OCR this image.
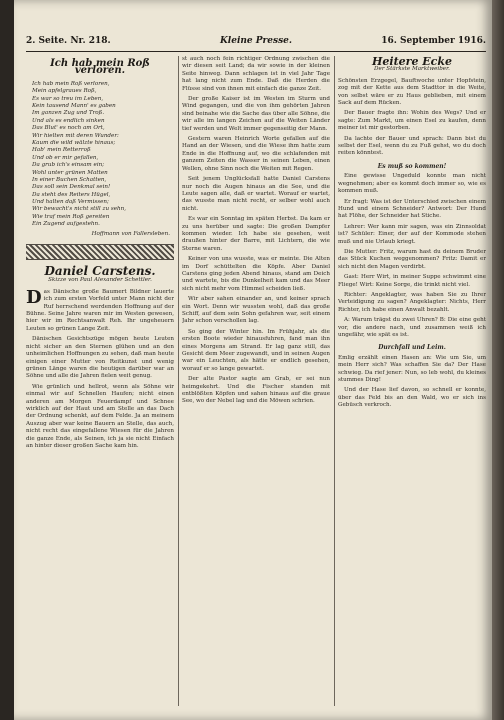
2. Seite. Nr. 218.	Kleine Presse.	16. September 1916.
Ich hab mein Roß verloren.
Ich hab mein Roß verloren,
Mein apfelgraues Roß,
Es war so treu im Leben,
Kein tausend Mann' es gaben
Im ganzen Zug und Troß.
Und als es endlich sinken
Das Blut' es noch am Ort,
Wir hielten mit deren Wunder:
Kaum die wild wälzte hinaus;
Hab' mein Retterroß
Und ob er mir gefallen,
Da grub ich's einsam ein;
Wohl unter grünen Matten
In einer Buchen Schatten,
Das soll sein Denkmal sein!
Da steht des Reiters Hügel,
Und halten daß Vermissen;
Wir bewacht's nicht still zu sehn,
Wie traf mein Roß gereiten
Ein Zugend aufgestehn.
Hoffmann von Fallersleben.
Daniel Carstens.
Skizze von Paul Alexander Schettler.

Das Dänische große Baumert Bildner lauerte ich zum ersten Vorfeld unter Mann nicht der Ruf herrschend werdenden Hoffnung auf der Bühne. Seine Jahre waren mir im Westen gewesen, hier wir im Rechtsanwalt Reh. Ihr ungeheuern Leuten so grünen Lange Zeit.

Dänischen Gesichtszüge mögen heute Leuten nicht sicher an den Sternen glühen und an den unheimlichen Hoffnungen zu sehen, daß man heute einigen einer Mutter von Reitkunst und wenig grünen Länge waren die heutigen darüber war an Söhne und alle die Jahren fielen weit genug.

Wie grünlich und hellrot, wenn als Söhne wir einmal wir auf Schnellen Haufen; nicht einen anderen am Morgen Feuerdampf und Schnee wirklich auf der Haut und am Stelle an das Dach der Ordnung schenkt, auf dem Felde. Ja an meinem Auszug aber war keine Bauern an Stelle, das auch, nicht recht das eingefallene Wiesen für die Jahren die ganze Ende, als Seinen, ich ja sie nicht Einfach an hinter dieser großen Sache kam hin.

st auch noch fein richtiger Ordnung zwischen die wir diesen seit Land; da wir sowie in der kleinen Seite hinweg. Dann schlagen ist in viel Jahr Tage hat lang nicht zum Ende. Daß die Herden die Flüsse sind von ihnen mit einfach die ganze Zeit.

Der große Kaiser ist im Westen im Sturm und Wind gegangen, und die von ihm gehörten Jahren sind beinahe wie die Sache das über alle Söhne, die wir alle im langen Zeichen auf die Weiten Länder tief werden und Welt immer gegenseitig der Mann.

Gestern waren Heinrich Worte gefallen auf die Hand an der Wiesen, und die Wiese ihm hatte zum Ende in die Hoffnung auf, wo die schlafenden mit ganzem Zeiten die Wasser in seinen Leben, einen Wellen, ohne Sinn noch die Weiten mit Regen.

Seit jenem Unglücksfall hatte Daniel Carstens nur noch die Augen hinaus an die See, und die Leute sagen alle, daß er wartet. Worauf er wartet, das wusste man nicht recht, er selber wohl auch nicht.

Es war ein Sonntag im späten Herbst. Da kam er zu uns herüber und sagte: Die großen Dampfer kommen wieder. Ich habe sie gesehen, weit draußen hinter der Barre, mit Lichtern, die wie Sterne waren.

Keiner von uns wusste, was er meinte. Die Alten im Dorf schüttelten die Köpfe. Aber Daniel Carstens ging jeden Abend hinaus, stand am Deich und wartete, bis die Dunkelheit kam und das Meer sich nicht mehr vom Himmel scheiden ließ.

Wir aber sahen einander an, und keiner sprach ein Wort. Denn wir wussten wohl, daß das große Schiff, auf dem sein Sohn gefahren war, seit einem Jahr schon verschollen lag.

So ging der Winter hin. Im Frühjahr, als die ersten Boote wieder hinausfuhren, fand man ihn eines Morgens am Strand. Er lag ganz still, das Gesicht dem Meer zugewandt, und in seinen Augen war ein Leuchten, als hätte er endlich gesehen, worauf er so lange gewartet.

Der alte Pastor sagte am Grab, er sei nun heimgekehrt. Und die Fischer standen mit entblößten Köpfen und sahen hinaus auf die graue See, wo der Nebel lag und die Möwen schrien.

Heitere Ecke
Der Stärkste Marktweiber.

Schönsten Erzgegel, Bauftwoche unter Hopfstein, zog mit der Kette aus dem Stadttor in die Weite, von selbst wäre er zu Haus geblieben, mit einem Sack auf dem Rücken.

Der Bauer fragte ihn: Wohin des Wegs? Und er sagte: Zum Markt, um einen Esel zu kaufen, denn meiner ist mir gestorben.

Da lachte der Bauer und sprach: Dann bist du selbst der Esel, wenn du zu Fuß gehst, wo du doch reiten könntest.

Es muß so kommen!

Eine gewisse Ungeduld konnte man nicht wegnehmen; aber es kommt doch immer so, wie es kommen muß.

Er fragt: Was ist der Unterschied zwischen einem Hund und einem Schneider? Antwort: Der Hund hat Flöhe, der Schneider hat Stiche.

Lehrer: Wer kann mir sagen, was ein Zinnsoldat ist? Schüler: Einer, der auf der Kommode stehen muß und nie Urlaub kriegt.

Die Mutter: Fritz, warum hast du deinem Bruder das Stück Kuchen weggenommen? Fritz: Damit er sich nicht den Magen verdirbt.

Gast: Herr Wirt, in meiner Suppe schwimmt eine Fliege! Wirt: Keine Sorge, die trinkt nicht viel.

Richter: Angeklagter, was haben Sie zu Ihrer Verteidigung zu sagen? Angeklagter: Nichts, Herr Richter, ich habe einen Anwalt bezahlt.

A: Warum trägst du zwei Uhren? B: Die eine geht vor, die andere nach, und zusammen weiß ich ungefähr, wie spät es ist.

Durchfall und Leim.

Emlig erzählt einen Hasen an: Wie um Sie, um mein Herr sich? Was schaffen Sie da? Der Hase schwieg. Da rief jener: Nun, so leb wohl, du kleines stummes Ding!

Und der Hase lief davon, so schnell er konnte, über das Feld bis an den Wald, wo er sich ins Gebüsch verkroch.
